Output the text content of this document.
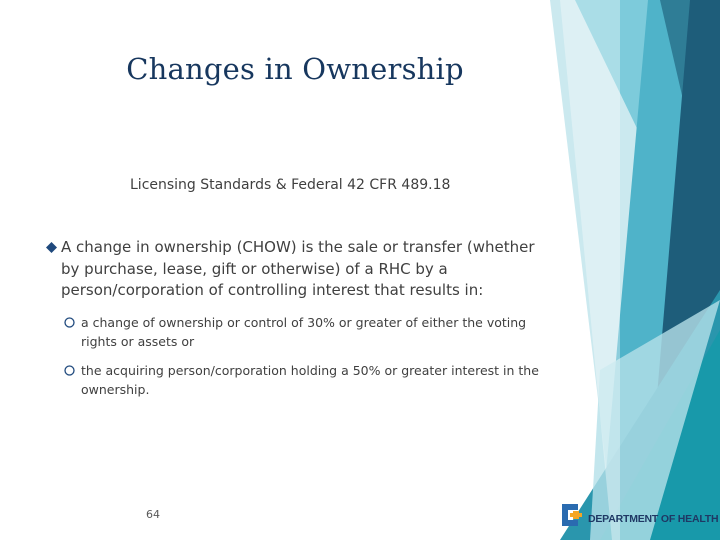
Changes in Ownership
Licensing Standards & Federal 42 CFR 489.18
A change in ownership (CHOW) is the sale or transfer (whether by purchase, lease, gift or otherwise) of a RHC by a person/corporation of controlling interest that results in:
a change of ownership or control of 30% or greater of either the voting rights or assets or
the acquiring person/corporation holding a 50% or greater interest in the ownership.
64	DEPARTMENT OF HEALTH
